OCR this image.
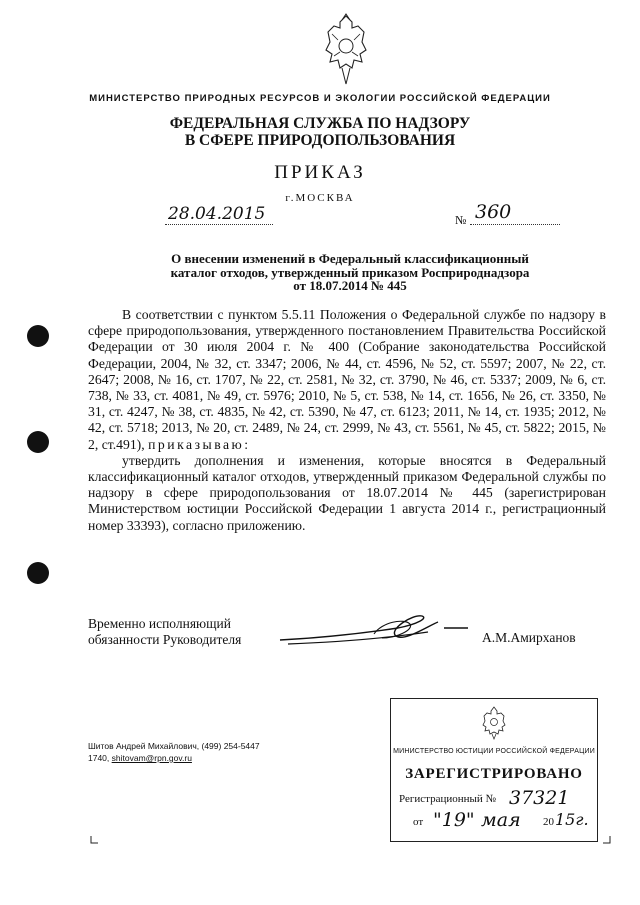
МИНИСТЕРСТВО ПРИРОДНЫХ РЕСУРСОВ И ЭКОЛОГИИ РОССИЙСКОЙ ФЕДЕРАЦИИ
ФЕДЕРАЛЬНАЯ СЛУЖБА ПО НАДЗОРУ
В СФЕРЕ ПРИРОДОПОЛЬЗОВАНИЯ
ПРИКАЗ
г.МОСКВА
28.04.2015	№ 360
О внесении изменений в Федеральный классификационный
каталог отходов, утвержденный приказом Росприроднадзора
от 18.07.2014 № 445

В соответствии с пунктом 5.5.11 Положения о Федеральной службе по надзору в сфере природопользования, утвержденного постановлением Правительства Российской Федерации от 30 июля 2004 г. № 400 (Собрание законодательства Российской Федерации, 2004, № 32, ст. 3347; 2006, № 44, ст. 4596, № 52, ст. 5597; 2007, № 22, ст. 2647; 2008, № 16, ст. 1707, № 22, ст. 2581, № 32, ст. 3790, № 46, ст. 5337; 2009, № 6, ст. 738, № 33, ст. 4081, № 49, ст. 5976; 2010, № 5, ст. 538, № 14, ст. 1656, № 26, ст. 3350, № 31, ст. 4247, № 38, ст. 4835, № 42, ст. 5390, № 47, ст. 6123; 2011, № 14, ст. 1935; 2012, № 42, ст. 5718; 2013, № 20, ст. 2489, № 24, ст. 2999, № 43, ст. 5561, № 45, ст. 5822; 2015, № 2, ст.491), приказываю:

утвердить дополнения и изменения, которые вносятся в Федеральный классификационный каталог отходов, утвержденный приказом Федеральной службы по надзору в сфере природопользования от 18.07.2014 № 445 (зарегистрирован Министерством юстиции Российской Федерации 1 августа 2014 г., регистрационный номер 33393), согласно приложению.

Временно исполняющий
обязанности Руководителя	А.М.Амирханов
Шитов Андрей Михайлович, (499) 254-5447
1740, shitovam@rpn.gov.ru
МИНИСТЕРСТВО ЮСТИЦИИ РОССИЙСКОЙ ФЕДЕРАЦИИ
ЗАРЕГИСТРИРОВАНО
Регистрационный № 37321
от "19" мая 20 15г.
